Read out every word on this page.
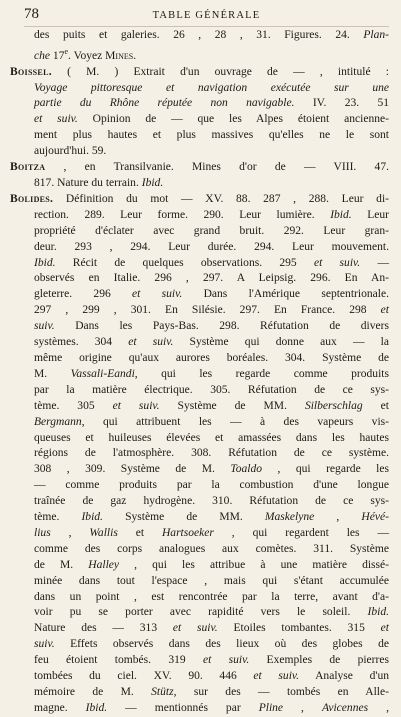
78	TABLE GÉNÉRALE
des puits et galeries. 26 , 28 , 31. Figures. 24. Plan-
che 17e. Voyez Mines.
Boissel. ( M. ) Extrait d'un ouvrage de — , intitulé :
Voyage pittoresque et navigation exécutée sur une
partie du Rhône réputée non navigable. IV. 23. 51
et suiv. Opinion de — que les Alpes étoient ancienne-
ment plus hautes et plus massives qu'elles ne le sont
aujourd'hui. 59.
Boitza , en Transilvanie. Mines d'or de — VIII. 47.
817. Nature du terrain. Ibid.
Bolides. Définition du mot — XV. 88. 287 , 288. Leur di-
rection. 289. Leur forme. 290. Leur lumière. Ibid. Leur
propriété d'éclater avec grand bruit. 292. Leur gran-
deur. 293 , 294. Leur durée. 294. Leur mouvement.
Ibid. Récit de quelques observations. 295 et suiv. —
observés en Italie. 296 , 297. A Leipsig. 296. En An-
gleterre. 296 et suiv. Dans l'Amérique septentrionale.
297 , 299 , 301. En Silésie. 297. En France. 298 et
suiv. Dans les Pays-Bas. 298. Réfutation de divers
systèmes. 304 et suiv. Système qui donne aux — la
même origine qu'aux aurores boréales. 304. Système de
M. Vassali-Eandi, qui les regarde comme produits
par la matière électrique. 305. Réfutation de ce sys-
tème. 305 et suiv. Système de MM. Silberschlag et
Bergmann, qui attribuent les — à des vapeurs vis-
queuses et huileuses élevées et amassées dans les hautes
régions de l'atmosphère. 308. Réfutation de ce système.
308 , 309. Système de M. Toaldo , qui regarde les
— comme produits par la combustion d'une longue
traînée de gaz hydrogène. 310. Réfutation de ce sys-
tème. Ibid. Système de MM. Maskelyne , Hévé-
lius , Wallis et Hartsoeker , qui regardent les —
comme des corps analogues aux comètes. 311. Système
de M. Halley , qui les attribue à une matière dissé-
minée dans tout l'espace , mais qui s'étant accumulée
dans un point , est rencontrée par la terre, avant d'a-
voir pu se porter avec rapidité vers le soleil. Ibid.
Nature des — 313 et suiv. Etoiles tombantes. 315 et
suiv. Effets observés dans des lieux où des globes de
feu étoient tombés. 319 et suiv. Exemples de pierres
tombées du ciel. XV. 90. 446 et suiv. Analyse d'un
mémoire de M. Stütz, sur des — tombés en Alle-
magne. Ibid. — mentionnés par Pline , Avicennes ,
